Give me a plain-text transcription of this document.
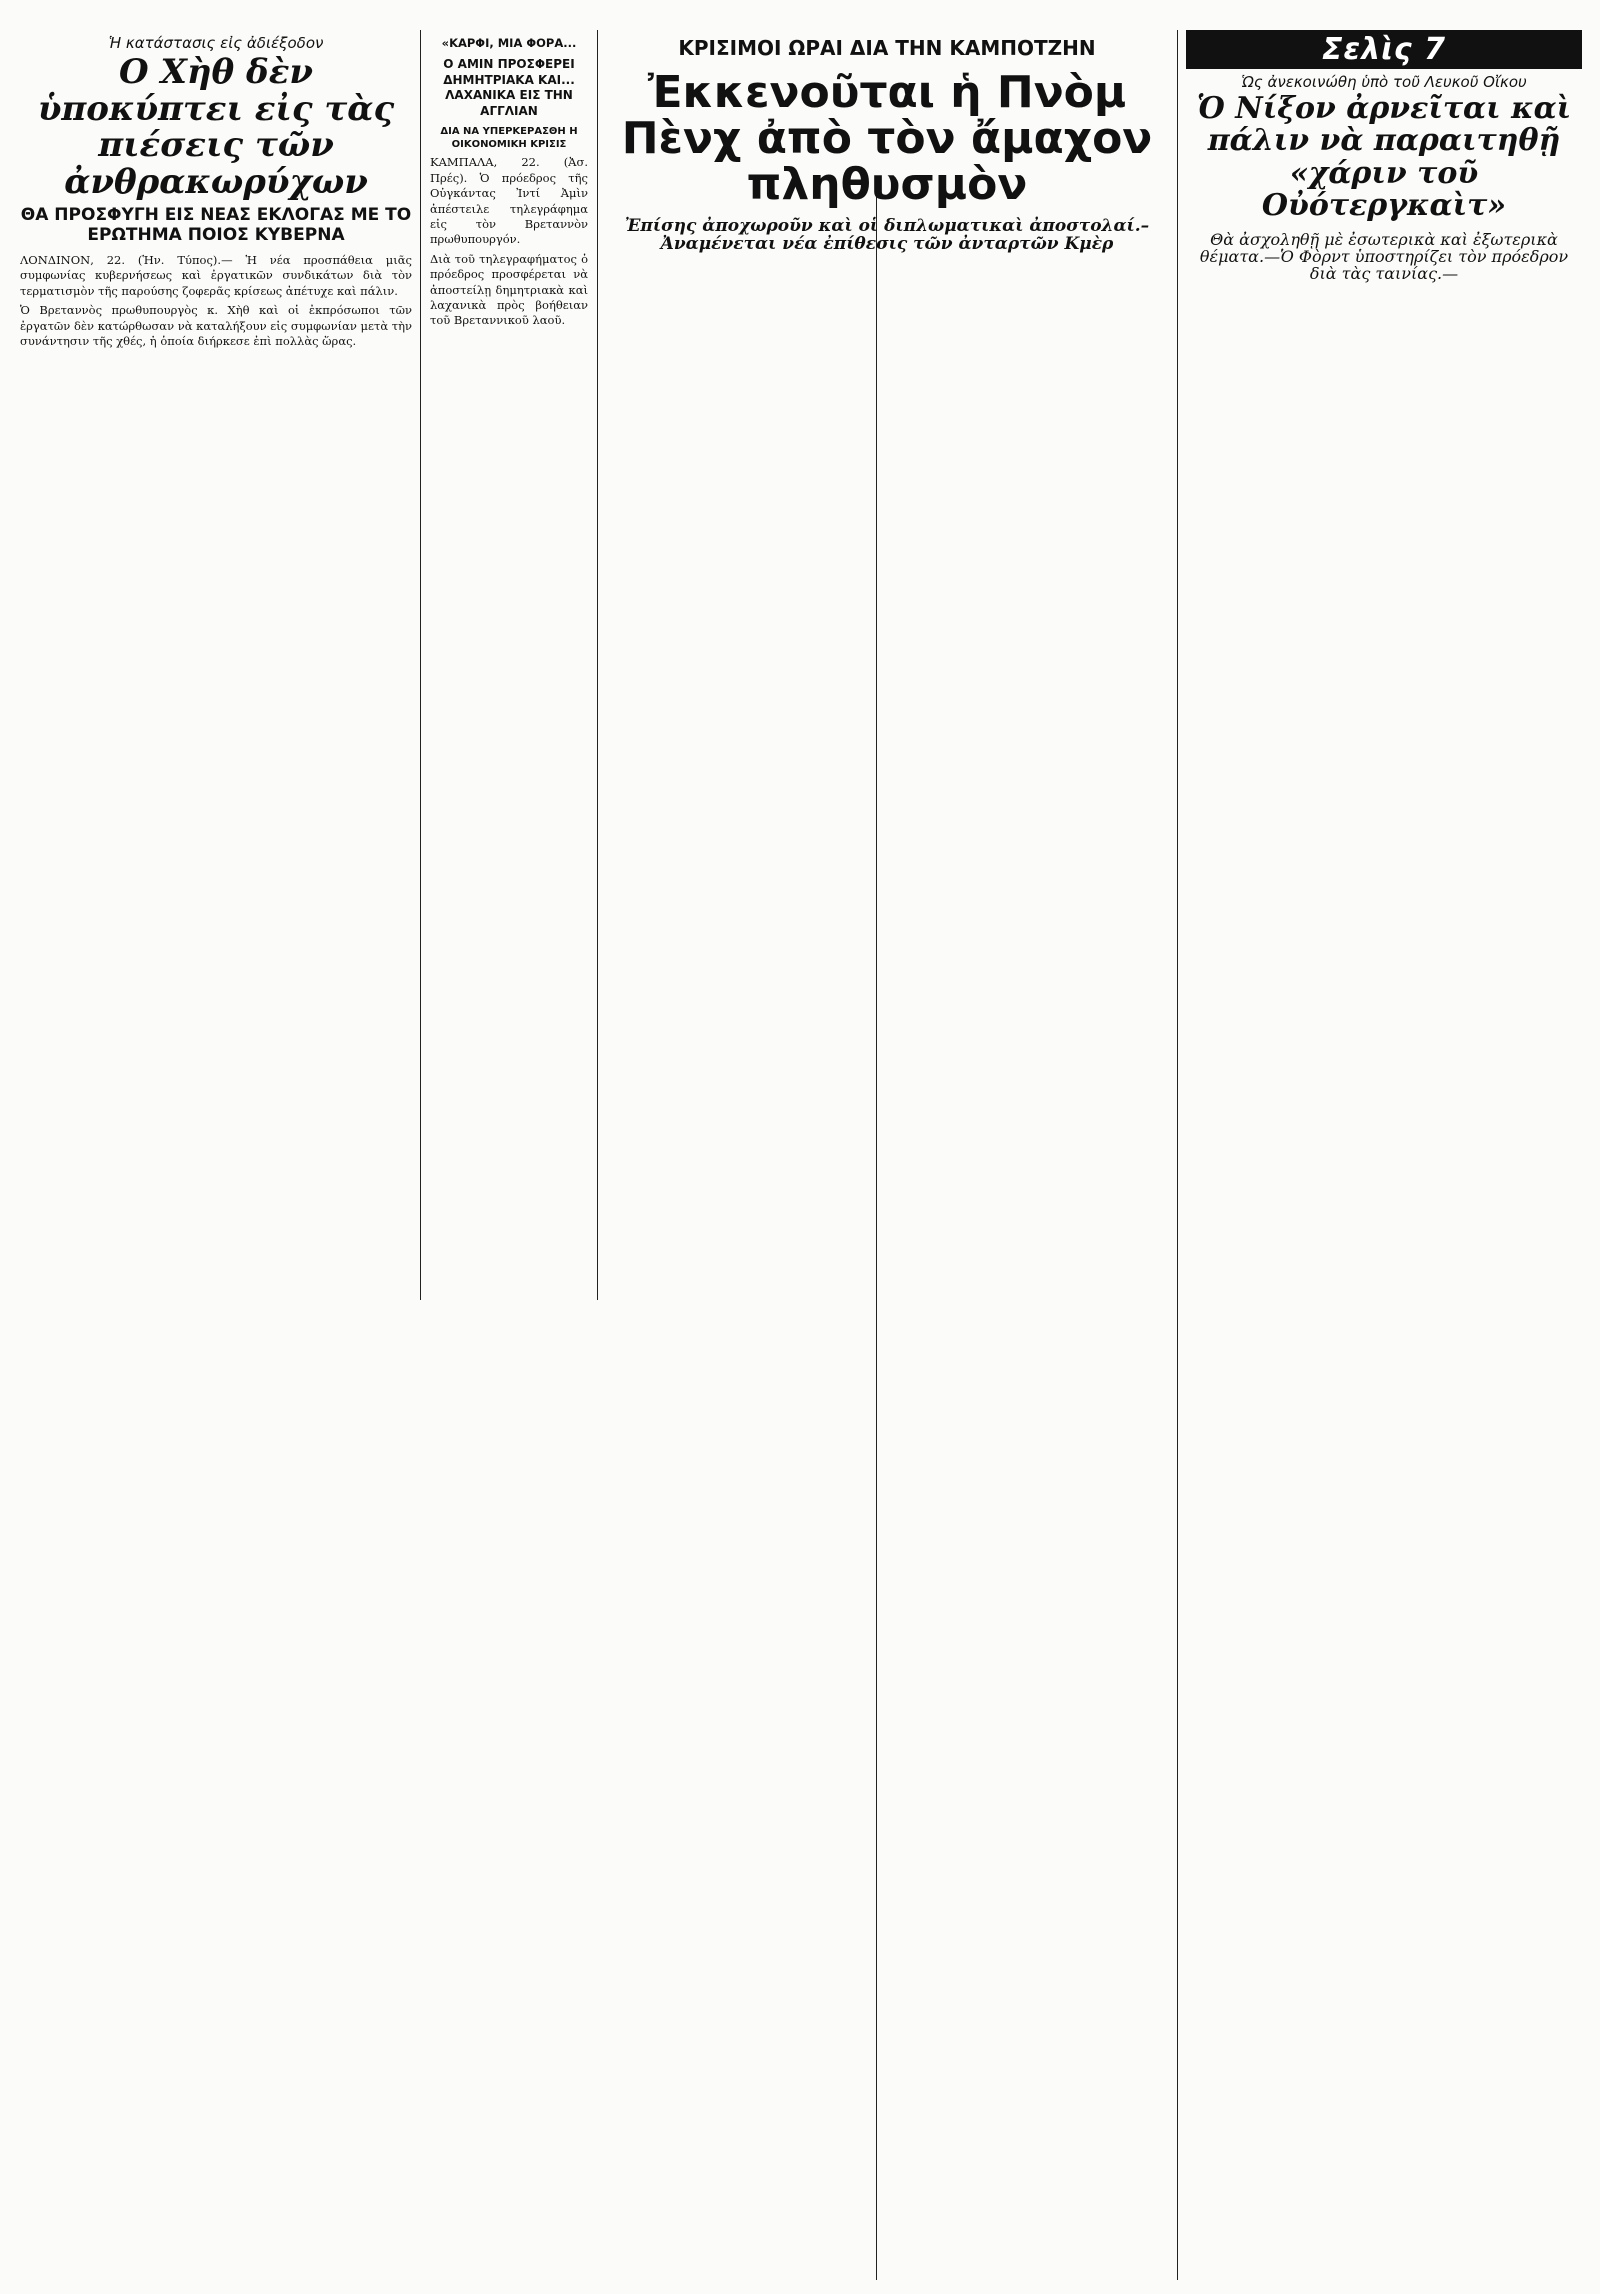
Ἡ κατάστασις εἰς ἀδιέξοδον
Ο Χὴθ δὲν ὑποκύπτει εἰς τὰς πιέσεις τῶν ἀνθρακωρύχων
ΘΑ ΠΡΟΣΦΥΓΗ ΕΙΣ ΝΕΑΣ ΕΚΛΟΓΑΣ ΜΕ ΤΟ ΕΡΩΤΗΜΑ ΠΟΙΟΣ ΚΥΒΕΡΝΑ
ΛΟΝΔΙΝΟΝ, 22. (Ἡν. Τύπος).— Ἡ νέα προσπάθεια μιᾶς συμφωνίας κυβερνήσεως καὶ ἐργατικῶν συνδικάτων διὰ τὸν τερματισμὸν τῆς παρούσης ζοφερᾶς κρίσεως ἀπέτυχε καὶ πάλιν.
Ὁ Βρεταννὸς πρωθυπουργὸς κ. Χὴθ καὶ οἱ ἐκπρόσωποι τῶν ἐργατῶν δὲν κατώρθωσαν νὰ καταλήξουν εἰς συμφωνίαν μετὰ τὴν συνάντησιν τῆς χθές, ἡ ὁποία διήρκεσε ἐπὶ πολλὰς ὥρας.
«ΚΑΡΦΙ, ΜΙΑ ΦΟΡΑ...
Ο ΑΜΙΝ ΠΡΟΣΦΕΡΕΙ ΔΗΜΗΤΡΙΑΚΑ ΚΑΙ... ΛΑΧΑΝΙΚΑ ΕΙΣ ΤΗΝ ΑΓΓΛΙΑΝ
ΔΙΑ ΝΑ ΥΠΕΡΚΕΡΑΣΘΗ Η ΟΙΚΟΝΟΜΙΚΗ ΚΡΙΣΙΣ
ΚΑΜΠΑΛΑ, 22. (Ἀσ. Πρές). Ὁ πρόεδρος τῆς Οὐγκάντας Ἰντί Ἀμὶν ἀπέστειλε τηλεγράφημα εἰς τὸν Βρεταννὸν πρωθυπουργόν.
Διὰ τοῦ τηλεγραφήματος ὁ πρόεδρος προσφέρεται νὰ ἀποστείλῃ δημητριακὰ καὶ λαχανικὰ πρὸς βοήθειαν τοῦ Βρεταννικοῦ λαοῦ.
ΚΡΙΣΙΜΟΙ ΩΡΑΙ ΔΙΑ ΤΗΝ ΚΑΜΠΟΤΖΗΝ
Ἐκκενοῦται ἡ Πνὸμ Πὲνχ ἀπὸ τὸν ἄμαχον πληθυσμὸν
Ἐπίσης ἀποχωροῦν καὶ οἱ διπλωματικαὶ ἀποστολαί.– Ἀναμένεται νέα ἐπίθεσις τῶν ἀνταρτῶν Κμὲρ
Σελὶς 7
Ὡς ἀνεκοινώθη ὑπὸ τοῦ Λευκοῦ Οἴκου
Ὁ Νίξον ἀρνεῖται καὶ πάλιν νὰ παραιτηθῇ «χάριν τοῦ Οὐότεργκαὶτ»
Θὰ ἀσχοληθῇ μὲ ἐσωτερικὰ καὶ ἐξωτερικὰ θέματα.—Ὁ Φὸρντ ὑποστηρίζει τὸν πρόεδρον διὰ τὰς ταινίας.—
